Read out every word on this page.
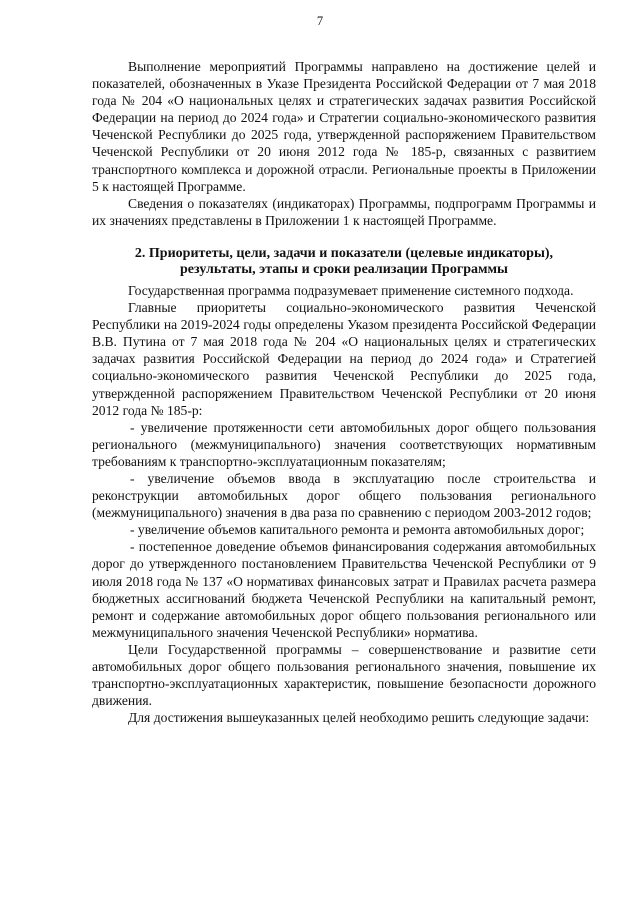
7

Выполнение мероприятий Программы направлено на достижение целей и показателей, обозначенных в Указе Президента Российской Федерации от 7 мая 2018 года № 204 «О национальных целях и стратегических задачах развития Российской Федерации на период до 2024 года» и Стратегии социально-экономического развития Чеченской Республики до 2025 года, утвержденной распоряжением Правительством Чеченской Республики от 20 июня 2012 года № 185-р, связанных с развитием транспортного комплекса и дорожной отрасли. Региональные проекты в Приложении 5 к настоящей Программе.

Сведения о показателях (индикаторах) Программы, подпрограмм Программы и их значениях представлены в Приложении 1 к настоящей Программе.

2. Приоритеты, цели, задачи и показатели (целевые индикаторы),
результаты, этапы и сроки реализации Программы

Государственная программа подразумевает применение системного подхода.

Главные приоритеты социально-экономического развития Чеченской Республики на 2019-2024 годы определены Указом президента Российской Федерации В.В. Путина от 7 мая 2018 года № 204 «О национальных целях и стратегических задачах развития Российской Федерации на период до 2024 года» и Стратегией социально-экономического развития Чеченской Республики до 2025 года, утвержденной распоряжением Правительством Чеченской Республики от 20 июня 2012 года № 185-р:

- увеличение протяженности сети автомобильных дорог общего пользования регионального (межмуниципального) значения соответствующих нормативным требованиям к транспортно-эксплуатационным показателям;

- увеличение объемов ввода в эксплуатацию после строительства и реконструкции автомобильных дорог общего пользования регионального (межмуниципального) значения в два раза по сравнению с периодом 2003-2012 годов;

- увеличение объемов капитального ремонта и ремонта автомобильных дорог;

- постепенное доведение объемов финансирования содержания автомобильных дорог до утвержденного постановлением Правительства Чеченской Республики от 9 июля 2018 года № 137 «О нормативах финансовых затрат и Правилах расчета размера бюджетных ассигнований бюджета Чеченской Республики на капитальный ремонт, ремонт и содержание автомобильных дорог общего пользования регионального или межмуниципального значения Чеченской Республики» норматива.

Цели Государственной программы – совершенствование и развитие сети автомобильных дорог общего пользования регионального значения, повышение их транспортно-эксплуатационных характеристик, повышение безопасности дорожного движения.

Для достижения вышеуказанных целей необходимо решить следующие задачи:
